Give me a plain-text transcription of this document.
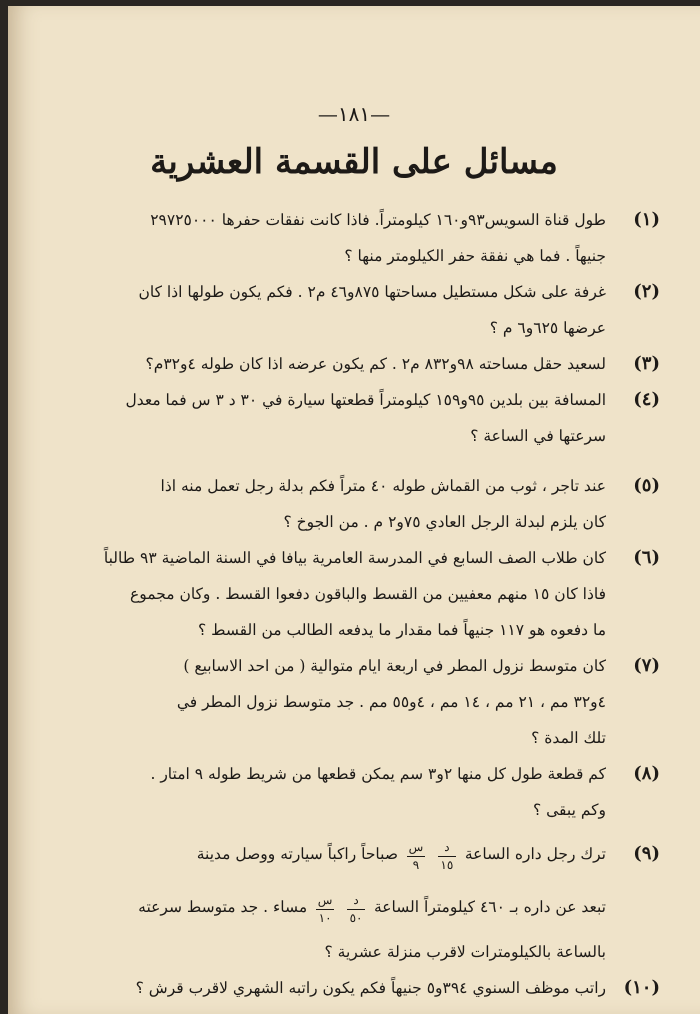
—١٨١—
مسائل على القسمة العشرية
(١)
طول قناة السويس٩٣و١٦٠ كيلومتراً. فاذا كانت نفقات حفرها ٢٩٧٢٥٠٠٠
جنيهاً . فما هي نفقة حفر الكيلومتر منها ؟
(٢)
غرفة على شكل مستطيل مساحتها ٨٧٥و٤٦ م٢ . فكم يكون طولها اذا كان
عرضها ٦٢٥و٦ م ؟
(٣)
لسعيد حقل مساحته ٩٨و٨٣٢ م٢ . كم يكون عرضه اذا كان طوله ٤و٣٢م؟
(٤)
المسافة بين بلدين ٩٥و١٥٩ كيلومتراً قطعتها سيارة في ٣٠ د ٣ س فما معدل
سرعتها في الساعة ؟
(٥)
عند تاجر ، ثوب من القماش طوله ٤٠ متراً فكم بدلة رجل تعمل منه اذا
كان يلزم لبدلة الرجل العادي ٧٥و٢ م . من الجوخ ؟
(٦)
كان طلاب الصف السابع في المدرسة العامرية بيافا في السنة الماضية ٩٣ طالباً
فاذا كان ١٥ منهم معفيين من القسط والباقون دفعوا القسط . وكان مجموع
ما دفعوه هو ١١٧ جنيهاً فما مقدار ما يدفعه الطالب من القسط ؟
(٧)
كان متوسط نزول المطر في اربعة ايام متوالية ( من احد الاسابيع )
٤و٣٢ مم ، ٢١ مم ، ١٤ مم ، ٤و٥٥ مم . جد متوسط نزول المطر في
تلك المدة ؟
(٨)
كم قطعة طول كل منها ٢و٣ سم يمكن قطعها من شريط طوله ٩ امتار .
وكم يبقى ؟
(٩)
ترك رجل داره الساعة
$\frac{\text{د}}{١٥}$

$\frac{\text{س}}{٩}$
صباحاً راكباً سيارته ووصل مدينة
تبعد عن داره بـ ٤٦٠ كيلومتراً الساعة
$\frac{\text{د}}{٥٠}$

$\frac{\text{س}}{١٠}$
مساء . جد متوسط سرعته
بالساعة بالكيلومترات لاقرب منزلة عشرية ؟
(١٠)
راتب موظف السنوي ٣٩٤و٥ جنيهاً فكم يكون راتبه الشهري لاقرب قرش ؟
